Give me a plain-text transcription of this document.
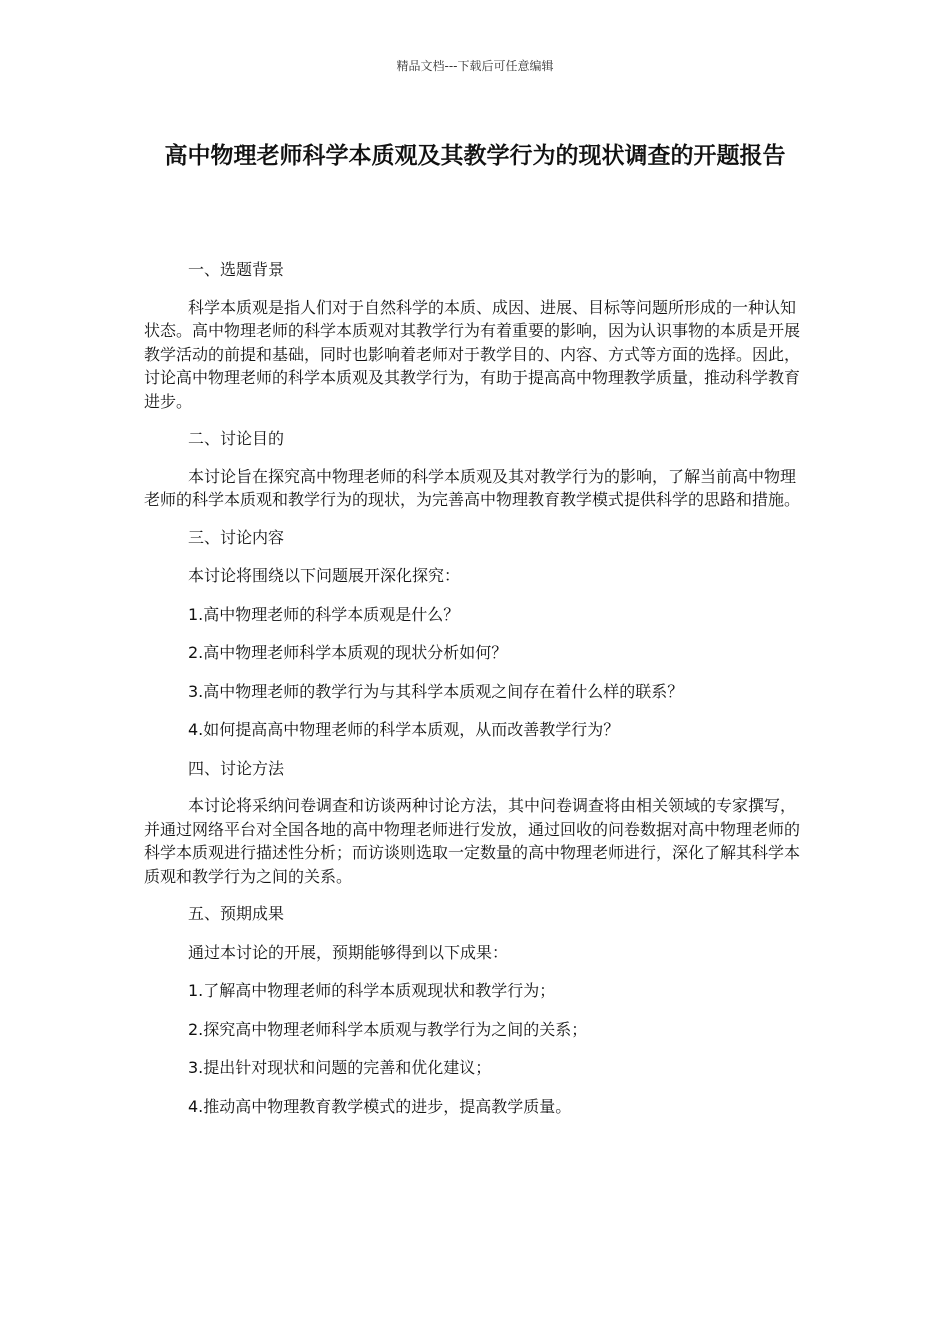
精品文档---下载后可任意编辑
高中物理老师科学本质观及其教学行为的现状调查的开题报告

一、选题背景

科学本质观是指人们对于自然科学的本质、成因、进展、目标等问题所形成的一种认知状态。高中物理老师的科学本质观对其教学行为有着重要的影响，因为认识事物的本质是开展教学活动的前提和基础，同时也影响着老师对于教学目的、内容、方式等方面的选择。因此，讨论高中物理老师的科学本质观及其教学行为，有助于提高高中物理教学质量，推动科学教育进步。

二、讨论目的

本讨论旨在探究高中物理老师的科学本质观及其对教学行为的影响，了解当前高中物理老师的科学本质观和教学行为的现状，为完善高中物理教育教学模式提供科学的思路和措施。

三、讨论内容

本讨论将围绕以下问题展开深化探究：

1.高中物理老师的科学本质观是什么？

2.高中物理老师科学本质观的现状分析如何？

3.高中物理老师的教学行为与其科学本质观之间存在着什么样的联系？

4.如何提高高中物理老师的科学本质观，从而改善教学行为？

四、讨论方法

本讨论将采纳问卷调查和访谈两种讨论方法，其中问卷调查将由相关领域的专家撰写，并通过网络平台对全国各地的高中物理老师进行发放，通过回收的问卷数据对高中物理老师的科学本质观进行描述性分析；而访谈则选取一定数量的高中物理老师进行，深化了解其科学本质观和教学行为之间的关系。

五、预期成果

通过本讨论的开展，预期能够得到以下成果：

1.了解高中物理老师的科学本质观现状和教学行为；

2.探究高中物理老师科学本质观与教学行为之间的关系；

3.提出针对现状和问题的完善和优化建议；

4.推动高中物理教育教学模式的进步，提高教学质量。
